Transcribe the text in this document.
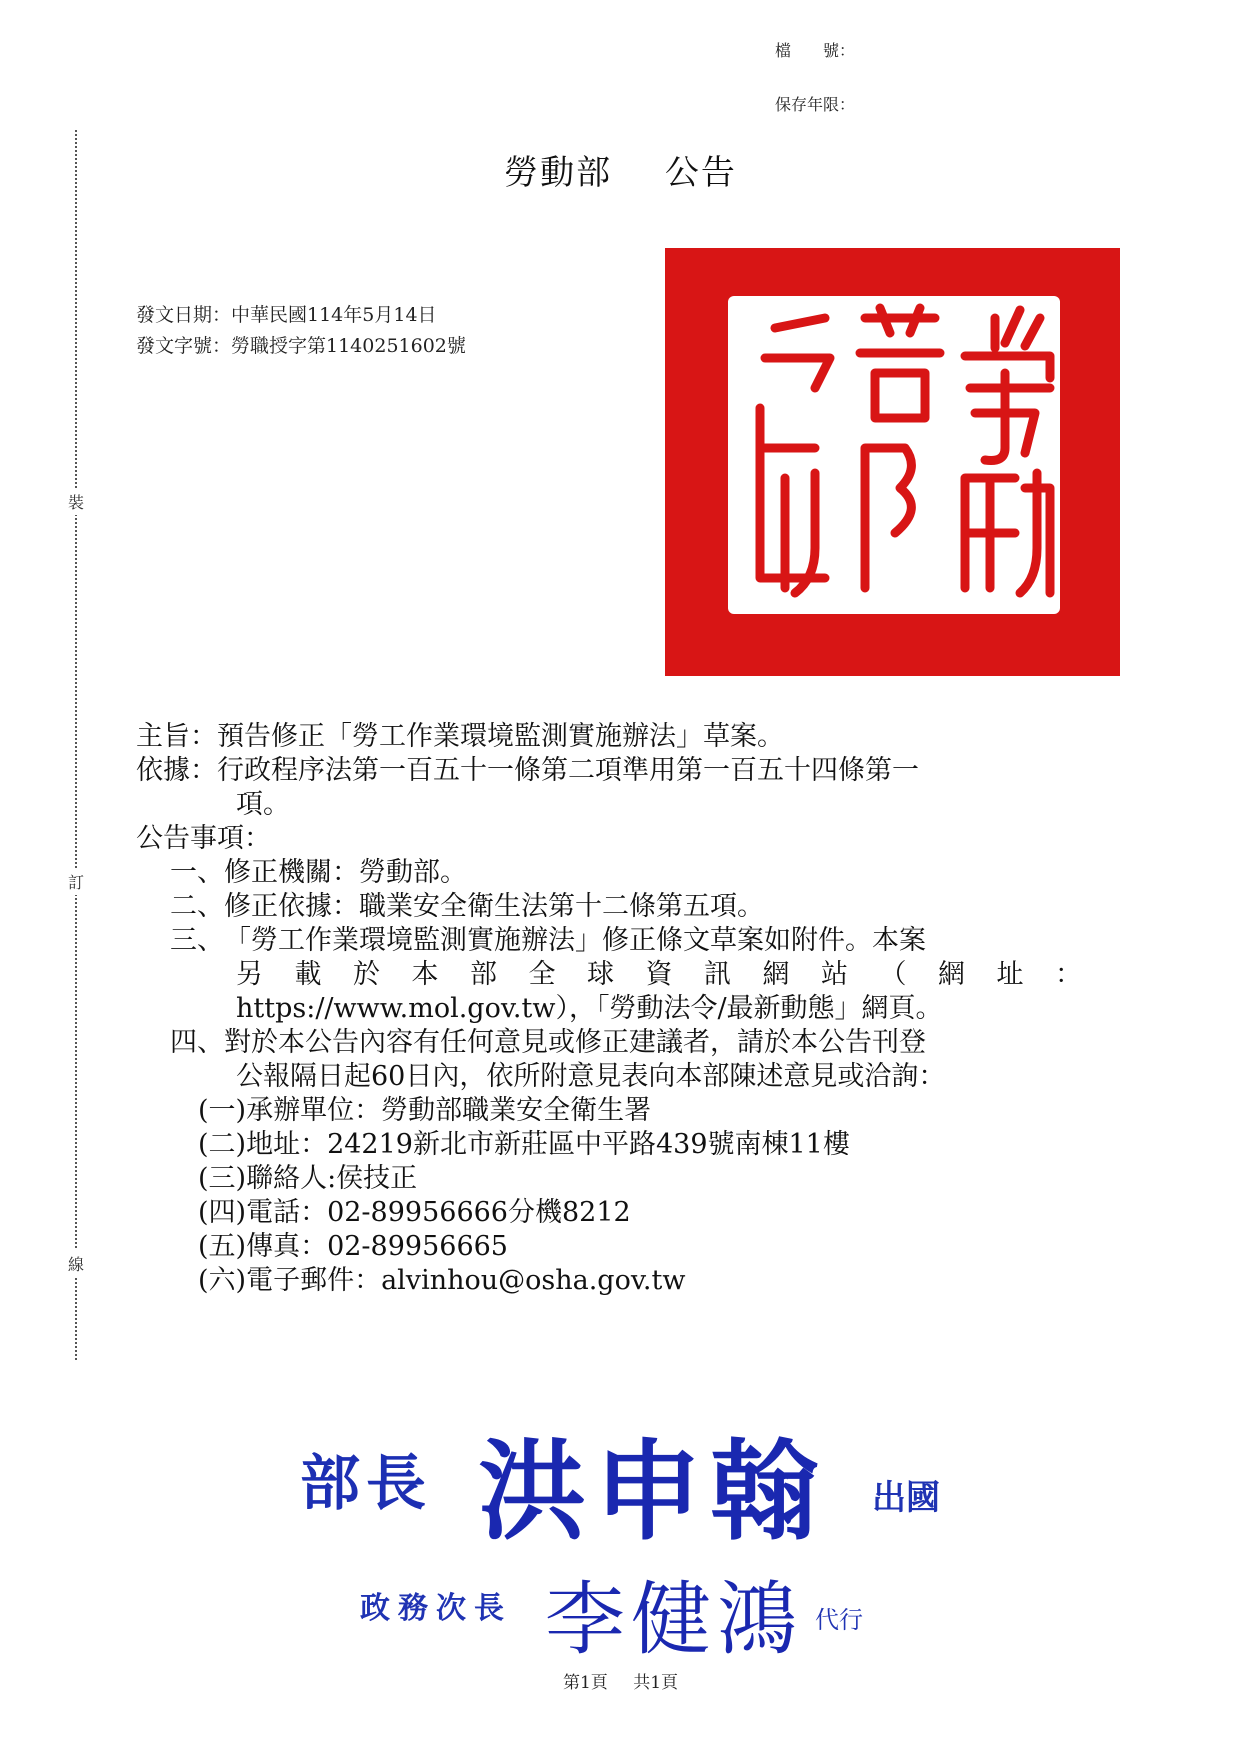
檔　　號：
保存年限：
裝
訂
線
勞動部 公告
發文日期：中華民國114年5月14日
發文字號：勞職授字第1140251602號
主旨： 預告修正「勞工作業環境監測實施辦法」草案。
依據： 行政程序法第一百五十一條第二項準用第一百五十四條第一
項。
公告事項：
一、 修正機關：勞動部。
二、 修正依據：職業安全衛生法第十二條第五項。
三、 「勞工作業環境監測實施辦法」修正條文草案如附件。本案
另載於本部全球資訊網站（網址：
https://www.mol.gov.tw），「勞動法令/最新動態」網頁。
四、 對於本公告內容有任何意見或修正建議者，請於本公告刊登
公報隔日起60日內，依所附意見表向本部陳述意見或洽詢：
(一) 承辦單位：勞動部職業安全衛生署
(二) 地址：24219新北市新莊區中平路439號南棟11樓
(三) 聯絡人:侯技正
(四) 電話：02-89956666分機8212
(五) 傳真：02-89956665
(六) 電子郵件：alvinhou@osha.gov.tw
部長 洪申翰 出國
政務次長 李健鴻 代行
第1頁 共1頁
